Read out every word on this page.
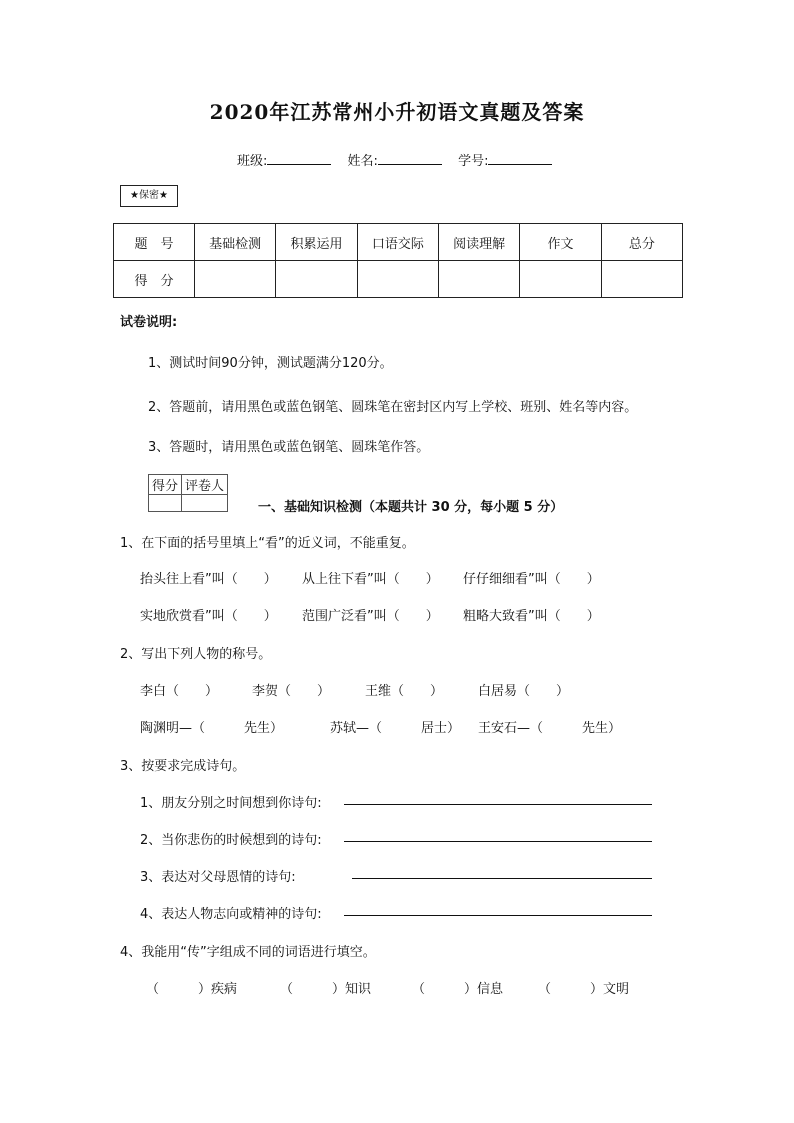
2020年江苏常州小升初语文真题及答案
班级:	姓名:	学号:
★保密★
题　号	基础检测	积累运用	口语交际	阅读理解	作文	总分
得　分						
试卷说明:
1、测试时间90分钟，测试题满分120分。
2、答题前，请用黑色或蓝色钢笔、圆珠笔在密封区内写上学校、班别、姓名等内容。
3、答题时，请用黑色或蓝色钢笔、圆珠笔作答。
得分	评卷人

一、基础知识检测（本题共计 30 分，每小题 5 分）
1、在下面的括号里填上“看”的近义词，不能重复。
抬头往上看”叫（　　） 从上往下看”叫（　　） 仔仔细细看”叫（　　）
实地欣赏看”叫（　　） 范围广泛看”叫（　　） 粗略大致看”叫（　　）
2、写出下列人物的称号。
李白（　　）	李贺（　　）	王维（　　）	白居易（　　）
陶渊明—（　　　先生）	苏轼—（　　　居士） 王安石—（　　　先生）
3、按要求完成诗句。
1、朋友分别之时间想到你诗句:
2、当你悲伤的时候想到的诗句:
3、表达对父母恩情的诗句:
4、表达人物志向或精神的诗句:
4、我能用“传”字组成不同的词语进行填空。
（　　　）疾病	（　　　）知识	（　　　）信息	（　　　）文明
